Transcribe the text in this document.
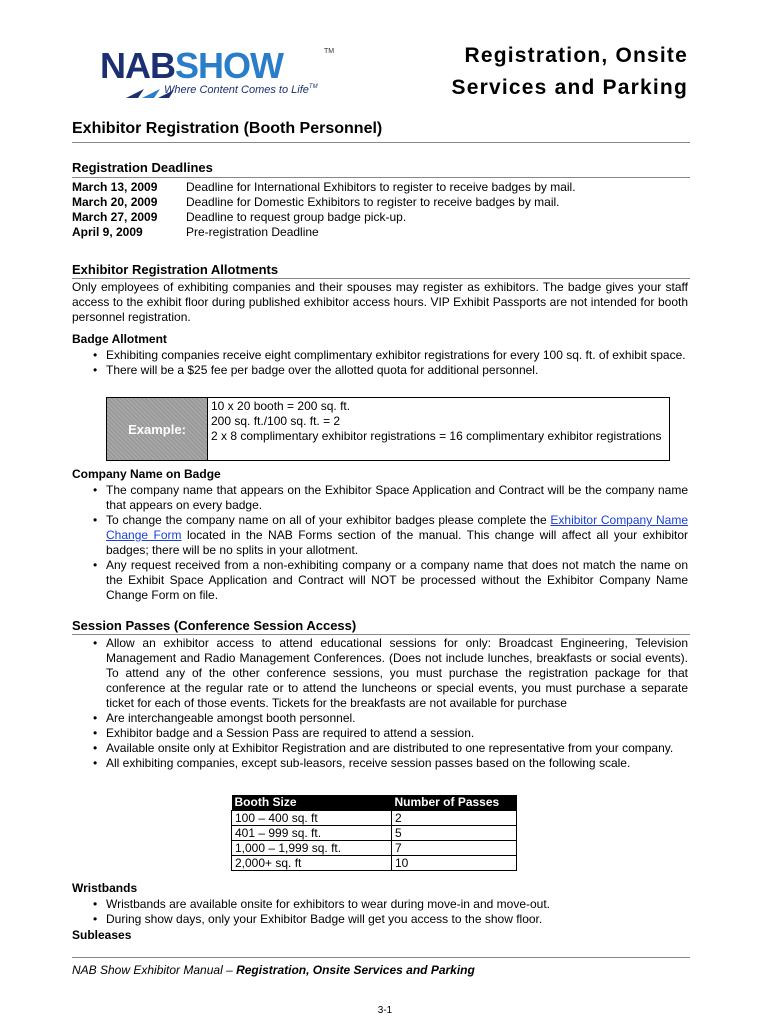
NABSHOW	TM
Where Content Comes to Life™
Registration, Onsite
Services and Parking
Exhibitor Registration (Booth Personnel)
Registration Deadlines
March 13, 2009	Deadline for International Exhibitors to register to receive badges by mail.
March 20, 2009	Deadline for Domestic Exhibitors to register to receive badges by mail.
March 27, 2009	Deadline to request group badge pick-up.
April 9, 2009	Pre-registration Deadline
Exhibitor Registration Allotments
Only employees of exhibiting companies and their spouses may register as exhibitors. The badge gives your staff access to the exhibit floor during published exhibitor access hours. VIP Exhibit Passports are not intended for booth personnel registration.
Badge Allotment
• Exhibiting companies receive eight complimentary exhibitor registrations for every 100 sq. ft. of exhibit space.
• There will be a $25 fee per badge over the allotted quota for additional personnel.
Example:
10 x 20 booth = 200 sq. ft.
200 sq. ft./100 sq. ft. = 2
2 x 8 complimentary exhibitor registrations = 16 complimentary exhibitor registrations
Company Name on Badge
• The company name that appears on the Exhibitor Space Application and Contract will be the company name that appears on every badge.
• To change the company name on all of your exhibitor badges please complete the Exhibitor Company Name Change Form located in the NAB Forms section of the manual. This change will affect all your exhibitor badges; there will be no splits in your allotment.
• Any request received from a non-exhibiting company or a company name that does not match the name on the Exhibit Space Application and Contract will NOT be processed without the Exhibitor Company Name Change Form on file.
Session Passes (Conference Session Access)
• Allow an exhibitor access to attend educational sessions for only: Broadcast Engineering, Television Management and Radio Management Conferences. (Does not include lunches, breakfasts or social events). To attend any of the other conference sessions, you must purchase the registration package for that conference at the regular rate or to attend the luncheons or special events, you must purchase a separate ticket for each of those events. Tickets for the breakfasts are not available for purchase
• Are interchangeable amongst booth personnel.
• Exhibitor badge and a Session Pass are required to attend a session.
• Available onsite only at Exhibitor Registration and are distributed to one representative from your company.
• All exhibiting companies, except sub-leasors, receive session passes based on the following scale.
Booth Size	Number of Passes
100 – 400 sq. ft	2
401 – 999 sq. ft.	5
1,000 – 1,999 sq. ft.	7
2,000+ sq. ft	10
Wristbands
• Wristbands are available onsite for exhibitors to wear during move-in and move-out.
• During show days, only your Exhibitor Badge will get you access to the show floor.
Subleases
NAB Show Exhibitor Manual – Registration, Onsite Services and Parking
3-1
